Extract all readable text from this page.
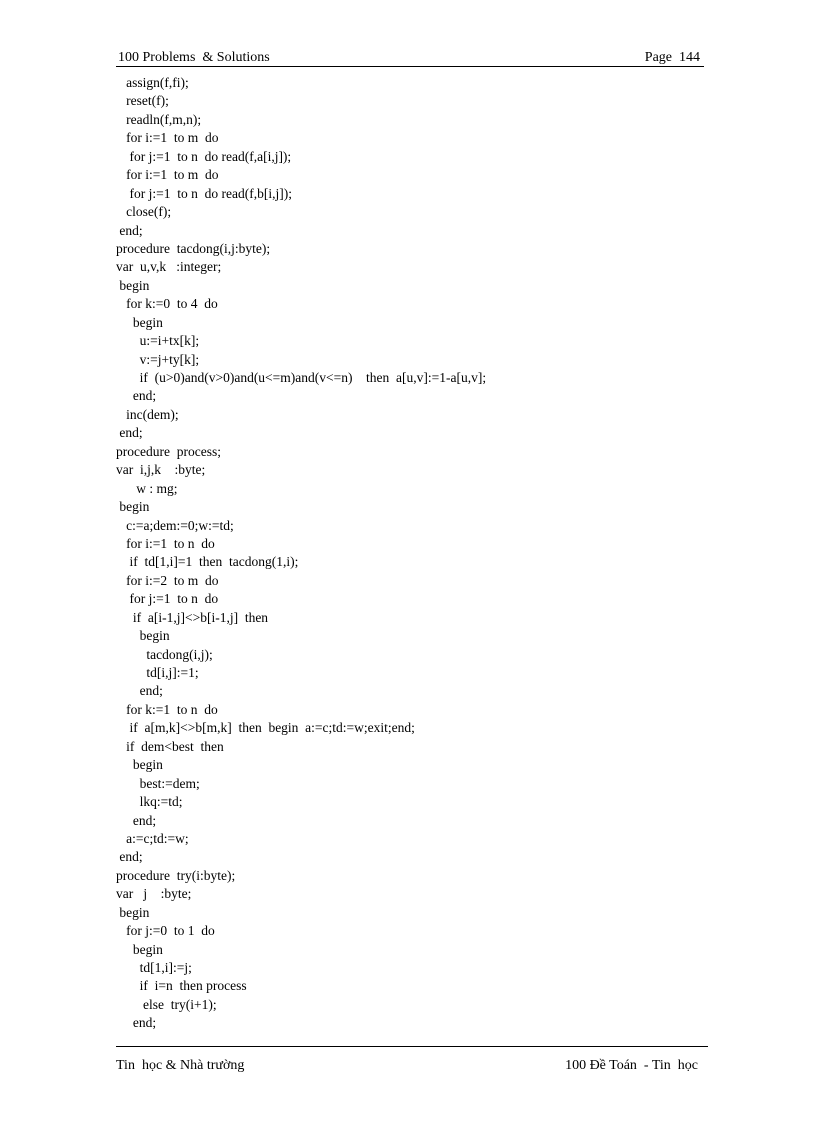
100 Problems  & Solutions	Page  144
assign(f,fi);
reset(f);
readln(f,m,n);
for i:=1  to m  do
for j:=1  to n  do read(f,a[i,j]);
for i:=1  to m  do
for j:=1  to n  do read(f,b[i,j]);
close(f);
end;
procedure  tacdong(i,j:byte);
var  u,v,k   :integer;
begin
for k:=0  to 4  do
begin
u:=i+tx[k];
v:=j+ty[k];
if  (u>0)and(v>0)and(u<=m)and(v<=n)    then  a[u,v]:=1-a[u,v];
end;
inc(dem);
end;
procedure  process;
var  i,j,k    :byte;
w : mg;
begin
c:=a;dem:=0;w:=td;
for i:=1  to n  do
if  td[1,i]=1  then  tacdong(1,i);
for i:=2  to m  do
for j:=1  to n  do
if  a[i-1,j]<>b[i-1,j]  then
begin
tacdong(i,j);
td[i,j]:=1;
end;
for k:=1  to n  do
if  a[m,k]<>b[m,k]  then  begin  a:=c;td:=w;exit;end;
if  dem<best  then
begin
best:=dem;
lkq:=td;
end;
a:=c;td:=w;
end;
procedure  try(i:byte);
var   j    :byte;
begin
for j:=0  to 1  do
begin
td[1,i]:=j;
if  i=n  then process
else  try(i+1);
end;
Tin  học & Nhà trường	100 Đề Toán  - Tin  học
